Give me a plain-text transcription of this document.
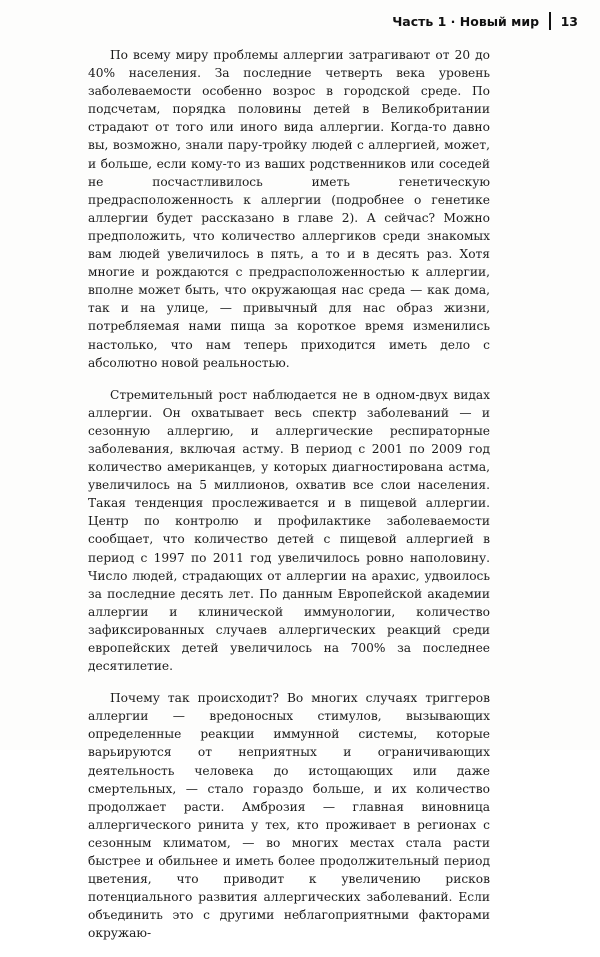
Часть 1 · Новый мир 13

По всему миру проблемы аллергии затрагивают от 20 до 40% населения. За последние четверть века уровень заболеваемости особенно возрос в городской среде. По подсчетам, порядка половины детей в Великобритании страдают от того или иного вида аллергии. Когда-то давно вы, возможно, знали пару-тройку людей с аллергией, может, и больше, если кому-то из ваших родственников или соседей не посчастливилось иметь генетическую предрасположенность к аллергии (подробнее о генетике аллергии будет рассказано в главе 2). А сейчас? Можно предположить, что количество аллергиков среди знакомых вам людей увеличилось в пять, а то и в десять раз. Хотя многие и рождаются с предрасположенностью к аллергии, вполне может быть, что окружающая нас среда — как дома, так и на улице, — привычный для нас образ жизни, потребляемая нами пища за короткое время изменились настолько, что нам теперь приходится иметь дело с абсолютно новой реальностью.

Стремительный рост наблюдается не в одном-двух видах аллергии. Он охватывает весь спектр заболеваний — и сезонную аллергию, и аллергические респираторные заболевания, включая астму. В период с 2001 по 2009 год количество американцев, у которых диагностирована астма, увеличилось на 5 миллионов, охватив все слои населения. Такая тенденция прослеживается и в пищевой аллергии. Центр по контролю и профилактике заболеваемости сообщает, что количество детей с пищевой аллергией в период с 1997 по 2011 год увеличилось ровно наполовину. Число людей, страдающих от аллергии на арахис, удвоилось за последние десять лет. По данным Европейской академии аллергии и клинической иммунологии, количество зафиксированных случаев аллергических реакций среди европейских детей увеличилось на 700% за последнее десятилетие.

Почему так происходит? Во многих случаях триггеров аллергии — вредоносных стимулов, вызывающих определенные реакции иммунной системы, которые варьируются от неприятных и ограничивающих деятельность человека до истощающих или даже смертельных, — стало гораздо больше, и их количество продолжает расти. Амброзия — главная виновница аллергического ринита у тех, кто проживает в регионах с сезонным климатом, — во многих местах стала расти быстрее и обильнее и иметь более продолжительный период цветения, что приводит к увеличению рисков потенциального развития аллергических заболеваний. Если объединить это с другими неблагоприятными факторами окружаю-
